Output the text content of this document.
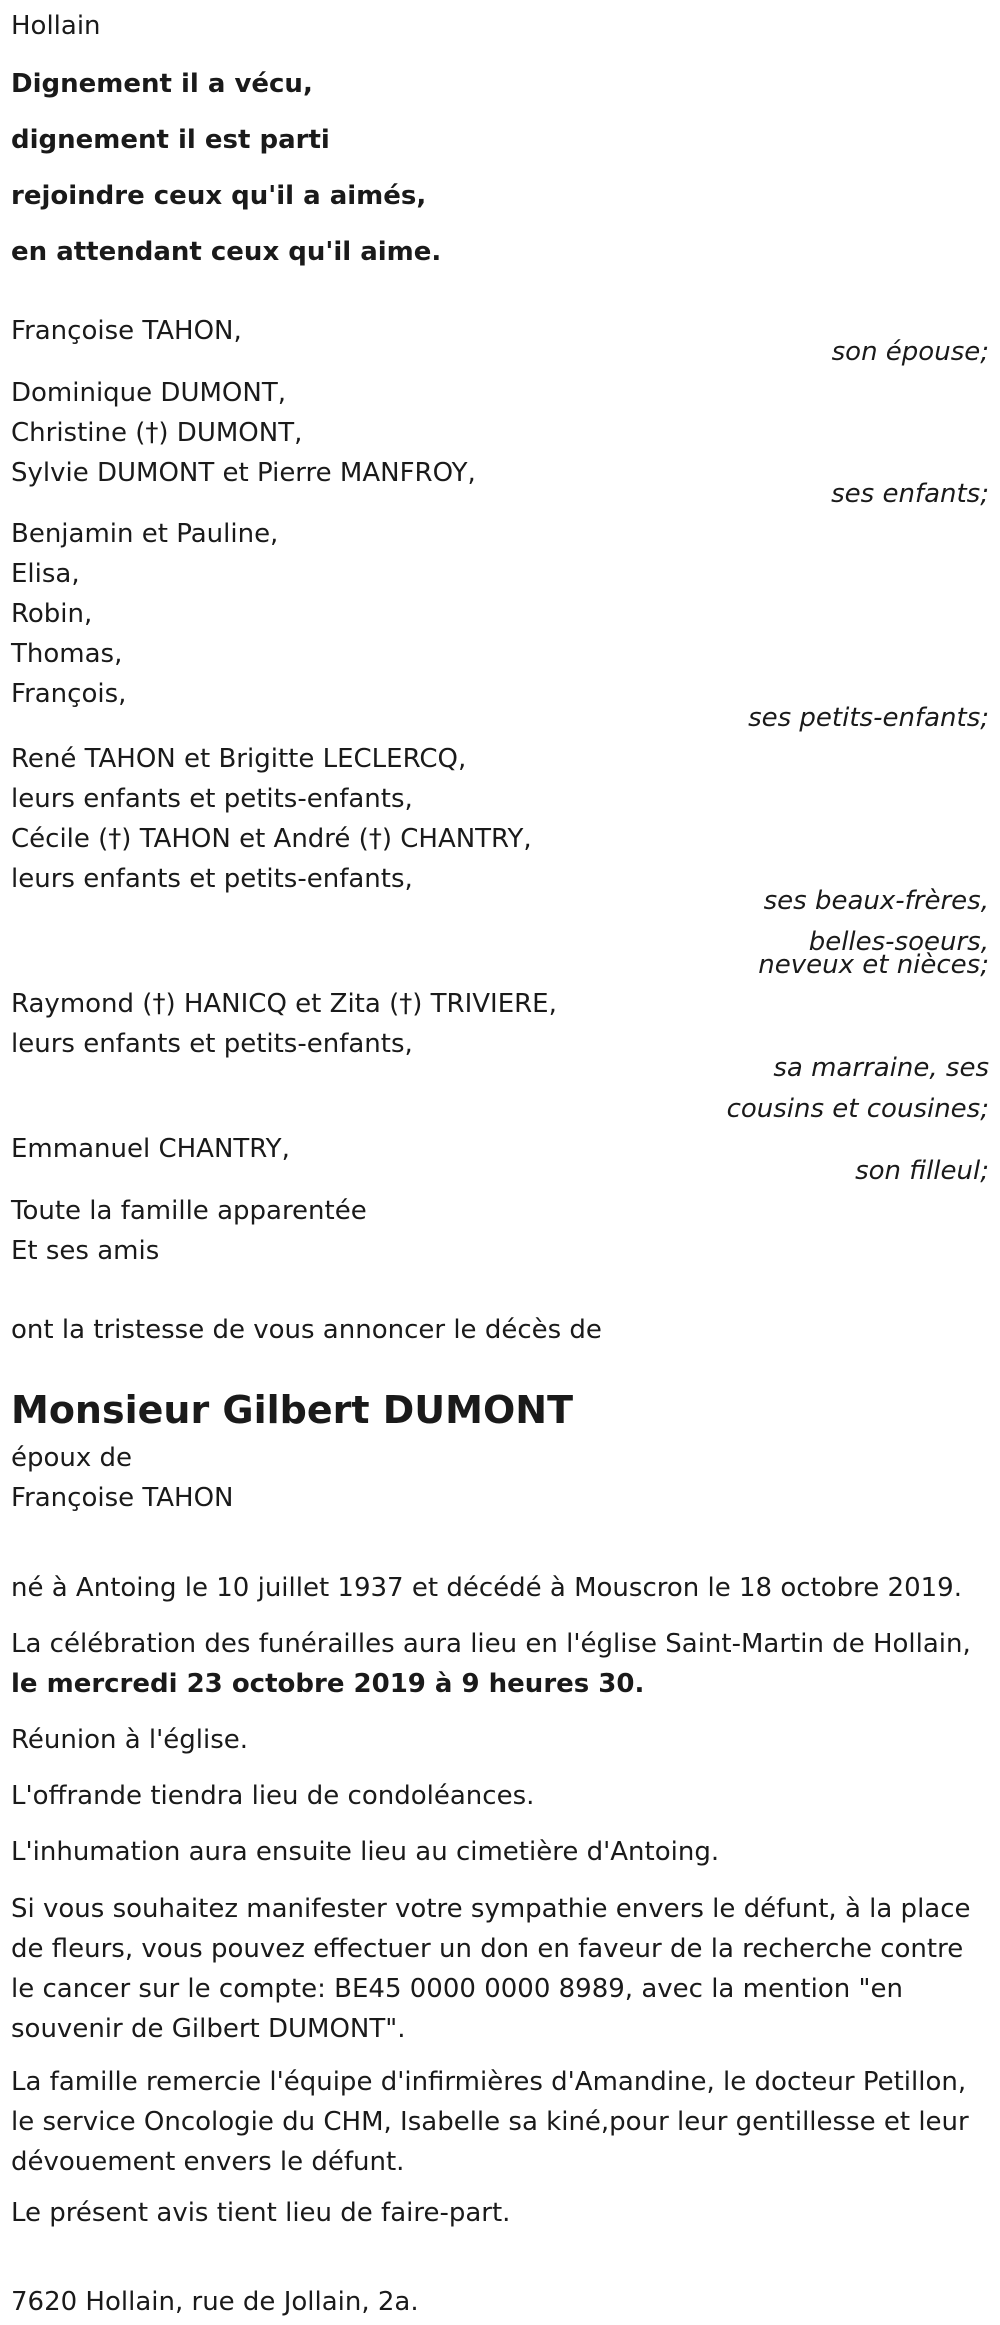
Hollain
Dignement il a vécu,
dignement il est parti
rejoindre ceux qu'il a aimés,
en attendant ceux qu'il aime.
Françoise TAHON,
son épouse;
Dominique DUMONT,
Christine (†) DUMONT,
Sylvie DUMONT et Pierre MANFROY,
ses enfants;
Benjamin et Pauline,
Elisa,
Robin,
Thomas,
François,
ses petits-enfants;
René TAHON et Brigitte LECLERCQ,
leurs enfants et petits-enfants,
Cécile (†) TAHON et André (†) CHANTRY,
leurs enfants et petits-enfants,
ses beaux-frères,
belles-soeurs,
neveux et nièces;
Raymond (†) HANICQ et Zita (†) TRIVIERE,
leurs enfants et petits-enfants,
sa marraine, ses
cousins et cousines;
Emmanuel CHANTRY,
son filleul;
Toute la famille apparentée
Et ses amis
ont la tristesse de vous annoncer le décès de
Monsieur Gilbert DUMONT
époux de
Françoise TAHON
né à Antoing le 10 juillet 1937 et décédé à Mouscron le 18 octobre 2019.
La célébration des funérailles aura lieu en l'église Saint-Martin de Hollain,
le mercredi 23 octobre 2019 à 9 heures 30.
Réunion à l'église.
L'offrande tiendra lieu de condoléances.
L'inhumation aura ensuite lieu au cimetière d'Antoing.
Si vous souhaitez manifester votre sympathie envers le défunt, à la place
de fleurs, vous pouvez effectuer un don en faveur de la recherche contre
le cancer sur le compte: BE45 0000 0000 8989, avec la mention "en
souvenir de Gilbert DUMONT".
La famille remercie l'équipe d'infirmières d'Amandine, le docteur Petillon,
le service Oncologie du CHM, Isabelle sa kiné,pour leur gentillesse et leur
dévouement envers le défunt.
Le présent avis tient lieu de faire-part.
7620 Hollain, rue de Jollain, 2a.
